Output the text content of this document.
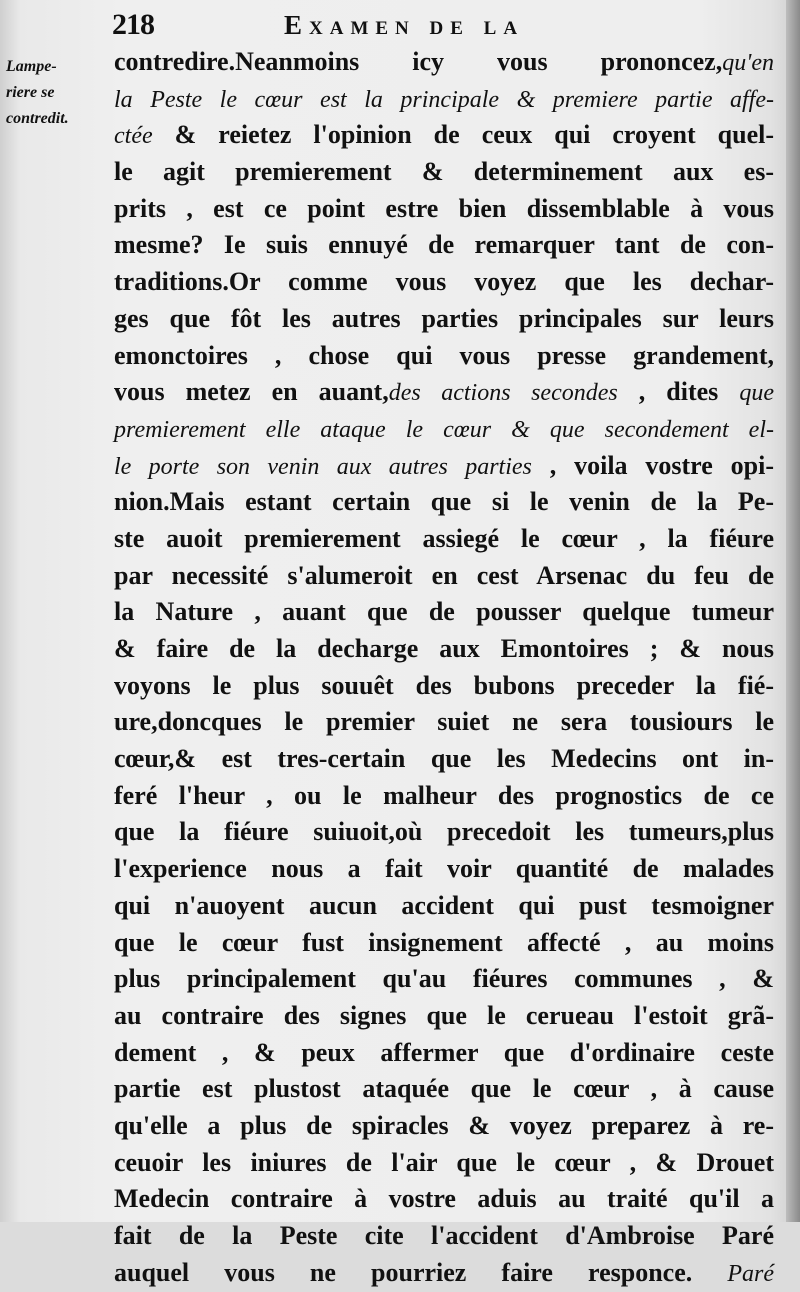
218	Examen de la
Lampe-
riere se
contredit.
contredire.Neanmoins icy vous prononcez,qu'en
la Peste le cœur est la principale & premiere partie affe-
ctée & reietez l'opinion de ceux qui croyent quel-
le agit premierement & determinement aux es-
prits , est ce point estre bien dissemblable à vous
mesme? Ie suis ennuyé de remarquer tant de con-
traditions.Or comme vous voyez que les dechar-
ges que fôt les autres parties principales sur leurs
emonctoires , chose qui vous presse grandement,
vous metez en auant,des actions secondes , dites que
premierement elle ataque le cœur & que secondement el-
le porte son venin aux autres parties , voila vostre opi-
nion.Mais estant certain que si le venin de la Pe-
ste auoit premierement assiegé le cœur , la fiéure
par necessité s'alumeroit en cest Arsenac du feu de
la Nature , auant que de pousser quelque tumeur
& faire de la decharge aux Emontoires ; & nous
voyons le plus souuêt des bubons preceder la fié-
ure,doncques le premier suiet ne sera tousiours le
cœur,& est tres-certain que les Medecins ont in-
feré l'heur , ou le malheur des prognostics de ce
que la fiéure suiuoit,où precedoit les tumeurs,plus
l'experience nous a fait voir quantité de malades
qui n'auoyent aucun accident qui pust tesmoigner
que le cœur fust insignement affecté , au moins
plus principalement qu'au fiéures communes , &
au contraire des signes que le cerueau l'estoit grã-
dement , & peux affermer que d'ordinaire ceste
partie est plustost ataquée que le cœur , à cause
qu'elle a plus de spiracles & voyez preparez à re-
ceuoir les iniures de l'air que le cœur , & Drouet
Medecin contraire à vostre aduis au traité qu'il a
fait de la Peste cite l'accident d'Ambroise Paré
auquel vous ne pourriez faire responce. Paré
